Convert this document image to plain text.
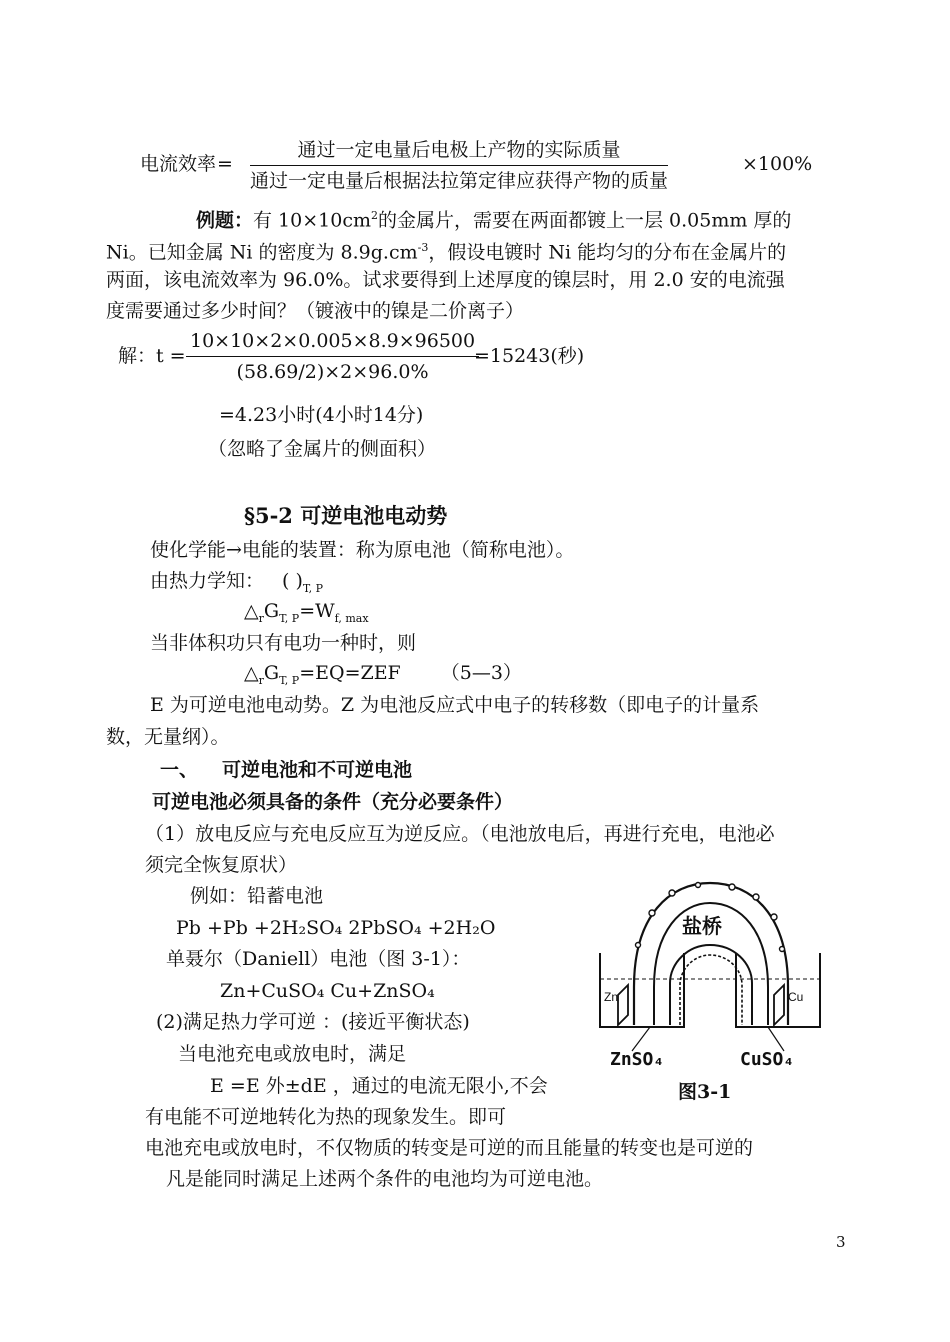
电流效率 =
通过一定电量后电极上产物的实际质量
通过一定电量后根据法拉第定律应获得产物的质量
×100%
例题：有 $10\times 10cm^2$的金属片，需要在两面都镀上一层 0.05mm 厚的
Ni。已知金属 Ni 的密度为 $8.9g.cm^{-3}$，假设电镀时 Ni 能均匀的分布在金属片的
两面，该电流效率为 96.0%。试求要得到上述厚度的镍层时，用 2.0 安的电流强
度需要通过多少时间？（镀液中的镍是二价离子）
解：t =
10×10×2×0.005×8.9×96500
(58.69/2)×2×96.0%
=15243(秒)
=4.23小时(4小时14分)
（忽略了金属片的侧面积）
§5-2 可逆电池电动势
使化学能→电能的装置：称为原电池（简称电池）。
由热力学知： ( )$_{T, P}$
$\triangle_rG_{T, P}=W_{f, max}$
当非体积功只有电功一种时，则
$\triangle_rG_{T, P}=EQ=ZEF$ （5—3）
E 为可逆电池电动势。Z 为电池反应式中电子的转移数（即电子的计量系
数，无量纲）。
一、 可逆电池和不可逆电池
可逆电池必须具备的条件（充分必要条件）
（1）放电反应与充电反应互为逆反应。（电池放电后，再进行充电，电池必
须完全恢复原状）
例如：铅蓄电池
Pb +Pb +2H₂SO₄ 2PbSO₄ +2H₂O
单聂尔（Daniell）电池（图 3-1）：
Zn+CuSO₄ Cu+ZnSO₄
(2)满足热力学可逆 ：(接近平衡状态)
当电池充电或放电时，满足
E =E 外±dE ，通过的电流无限小,不会
有电能不可逆地转化为热的现象发生。即可
电池充电或放电时，不仅物质的转变是可逆的而且能量的转变也是可逆的
凡是能同时满足上述两个条件的电池均为可逆电池。
盐桥
Zn	Cu
ZnSO₄	CuSO₄
图3-1
3
